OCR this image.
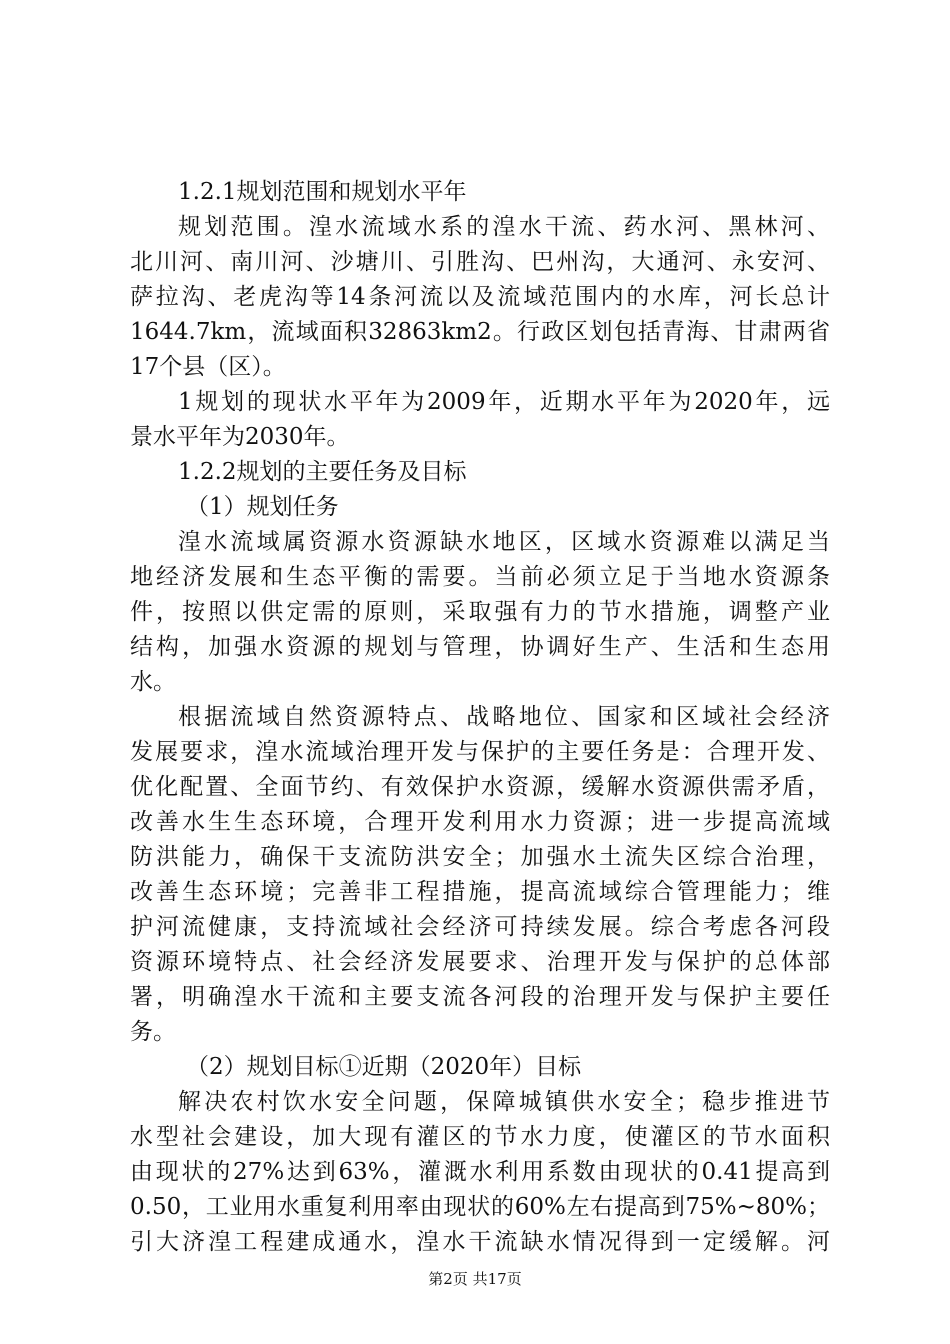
1.2.1规划范围和规划水平年

规划范围。湟水流域水系的湟水干流、药水河、黑林河、

北川河、南川河、沙塘川、引胜沟、巴州沟，大通河、永安河、

萨拉沟、老虎沟等14条河流以及流域范围内的水库，河长总计

1644.7km，流域面积32863km2。行政区划包括青海、甘肃两省

17个县（区）。

1规划的现状水平年为2009年，近期水平年为2020年，远

景水平年为2030年。

1.2.2规划的主要任务及目标

（1）规划任务

湟水流域属资源水资源缺水地区，区域水资源难以满足当

地经济发展和生态平衡的需要。当前必须立足于当地水资源条

件，按照以供定需的原则，采取强有力的节水措施，调整产业

结构，加强水资源的规划与管理，协调好生产、生活和生态用

水。

根据流域自然资源特点、战略地位、国家和区域社会经济

发展要求，湟水流域治理开发与保护的主要任务是：合理开发、

优化配置、全面节约、有效保护水资源，缓解水资源供需矛盾，

改善水生生态环境，合理开发利用水力资源；进一步提高流域

防洪能力，确保干支流防洪安全；加强水土流失区综合治理，

改善生态环境；完善非工程措施，提高流域综合管理能力；维

护河流健康，支持流域社会经济可持续发展。综合考虑各河段

资源环境特点、社会经济发展要求、治理开发与保护的总体部

署，明确湟水干流和主要支流各河段的治理开发与保护主要任

务。

（2）规划目标①近期（2020年）目标

解决农村饮水安全问题，保障城镇供水安全；稳步推进节

水型社会建设，加大现有灌区的节水力度，使灌区的节水面积

由现状的27%达到63%，灌溉水利用系数由现状的0.41提高到

0.50，工业用水重复利用率由现状的60%左右提高到75%~80%；

引大济湟工程建成通水，湟水干流缺水情况得到一定缓解。河

第2页 共17页
